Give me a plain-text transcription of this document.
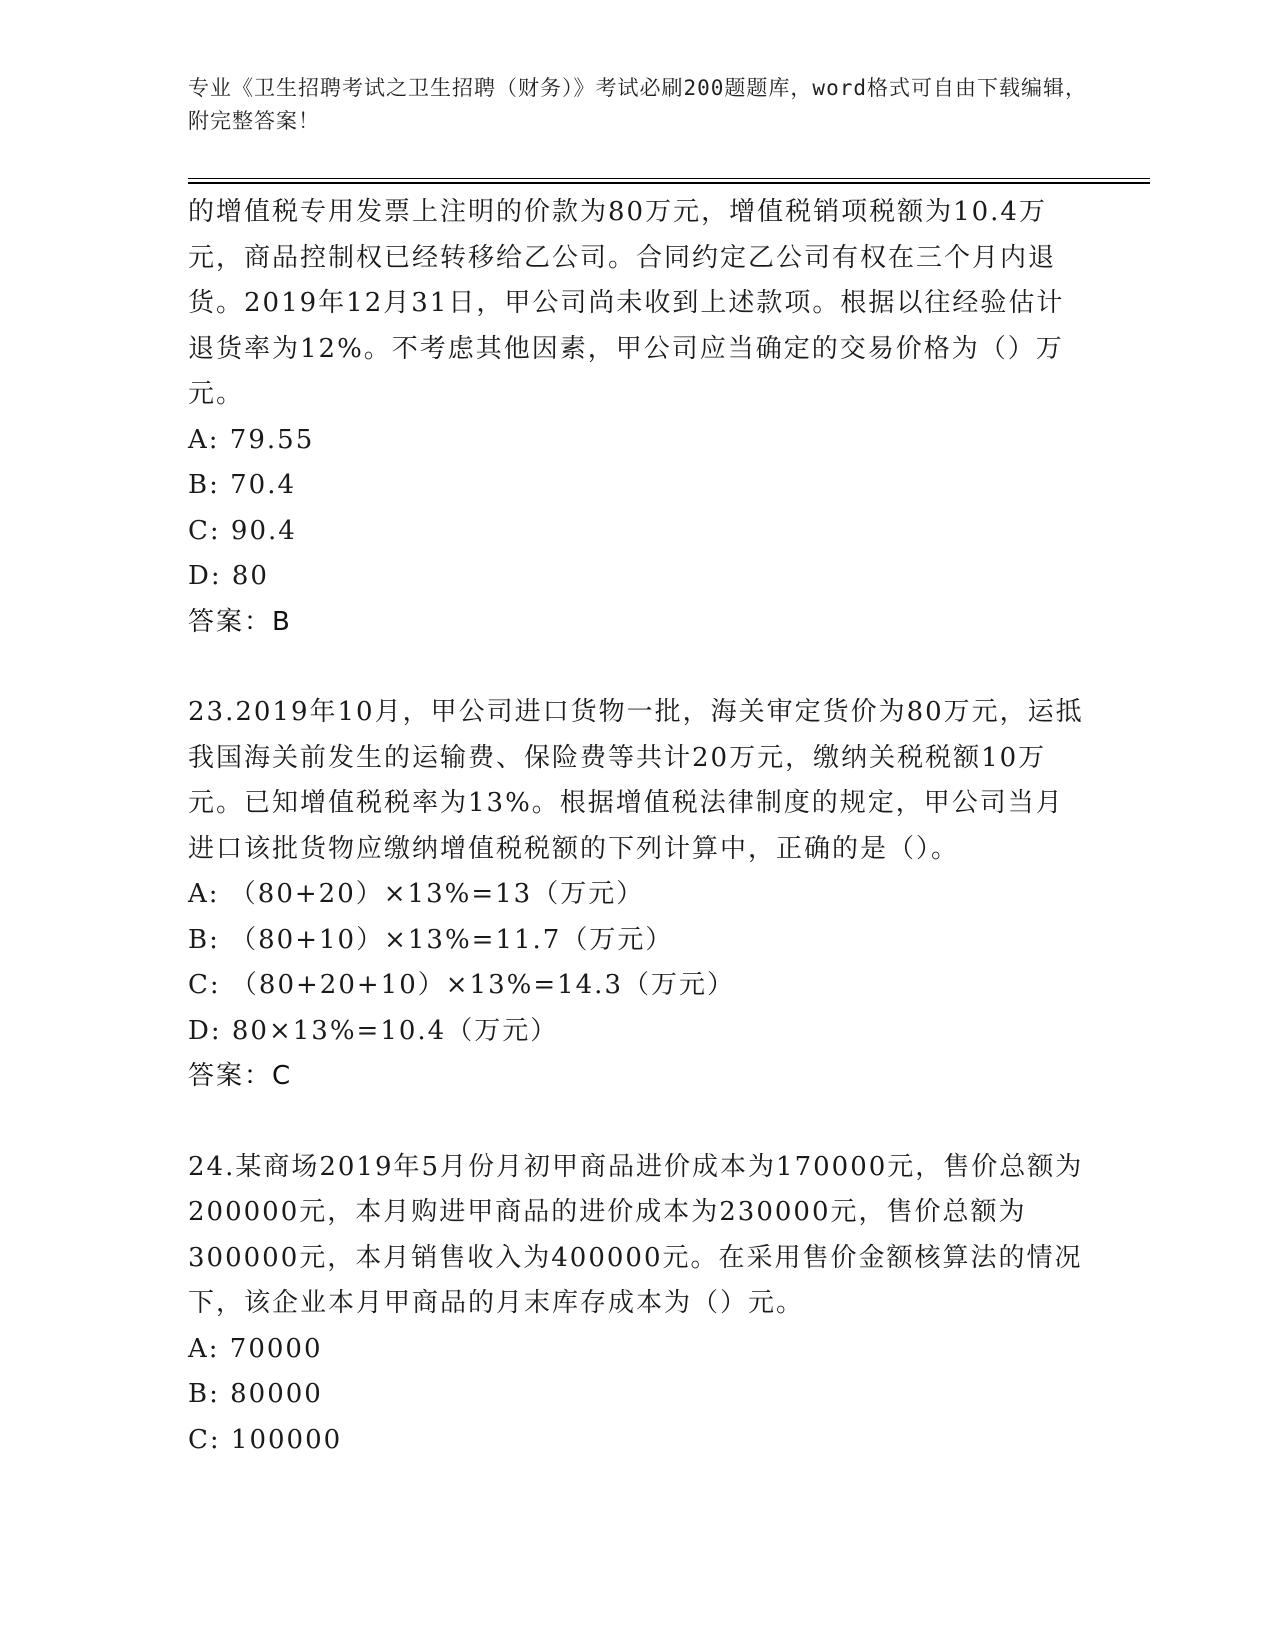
专业《卫生招聘考试之卫生招聘（财务）》考试必刷200题题库，word格式可自由下载编辑，附完整答案！

的增值税专用发票上注明的价款为80万元，增值税销项税额为10.4万元，商品控制权已经转移给乙公司。合同约定乙公司有权在三个月内退货。2019年12月31日，甲公司尚未收到上述款项。根据以往经验估计退货率为12%。不考虑其他因素，甲公司应当确定的交易价格为（）万元。

A: 79.55

B: 70.4

C: 90.4

D: 80

答案：B

23.2019年10月，甲公司进口货物一批，海关审定货价为80万元，运抵我国海关前发生的运输费、保险费等共计20万元，缴纳关税税额10万元。已知增值税税率为13%。根据增值税法律制度的规定，甲公司当月进口该批货物应缴纳增值税税额的下列计算中，正确的是（）。

A: （80+20）×13%=13（万元）

B: （80+10）×13%=11.7（万元）

C: （80+20+10）×13%=14.3（万元）

D: 80×13%=10.4（万元）

答案：C

24.某商场2019年5月份月初甲商品进价成本为170000元，售价总额为200000元，本月购进甲商品的进价成本为230000元，售价总额为300000元，本月销售收入为400000元。在采用售价金额核算法的情况下，该企业本月甲商品的月末库存成本为（）元。

A: 70000

B: 80000

C: 100000
